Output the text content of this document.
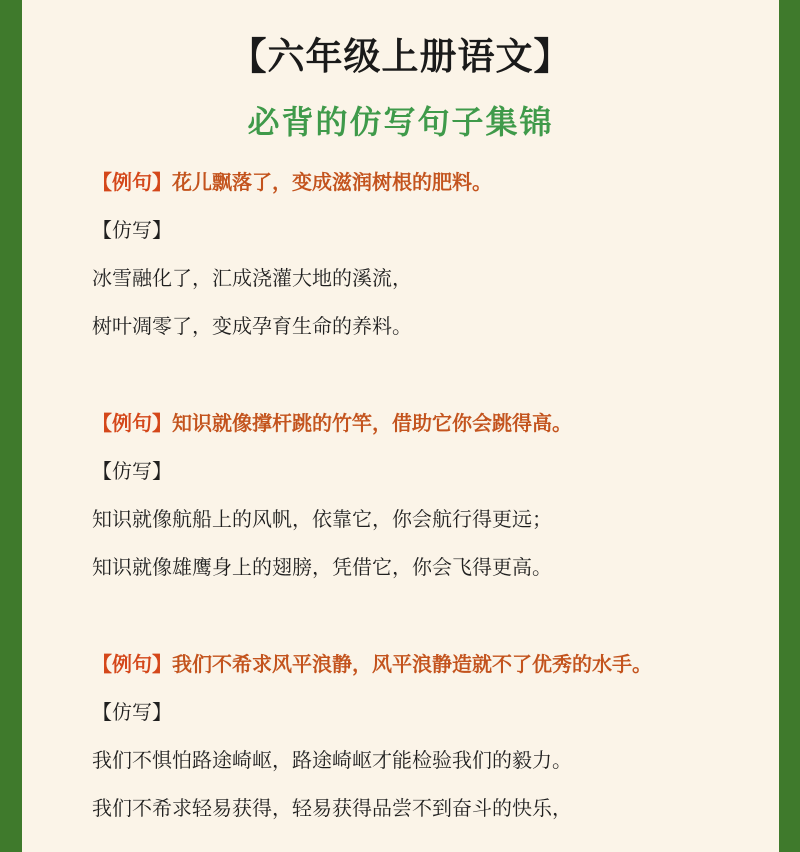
【六年级上册语文】
必背的仿写句子集锦
【例句】花儿飘落了，变成滋润树根的肥料。
【仿写】
冰雪融化了，汇成浇灌大地的溪流，
树叶凋零了，变成孕育生命的养料。
【例句】知识就像撑杆跳的竹竿，借助它你会跳得高。
【仿写】
知识就像航船上的风帆，依靠它，你会航行得更远；
知识就像雄鹰身上的翅膀，凭借它，你会飞得更高。
【例句】我们不希求风平浪静，风平浪静造就不了优秀的水手。
【仿写】
我们不惧怕路途崎岖，路途崎岖才能检验我们的毅力。
我们不希求轻易获得，轻易获得品尝不到奋斗的快乐，
